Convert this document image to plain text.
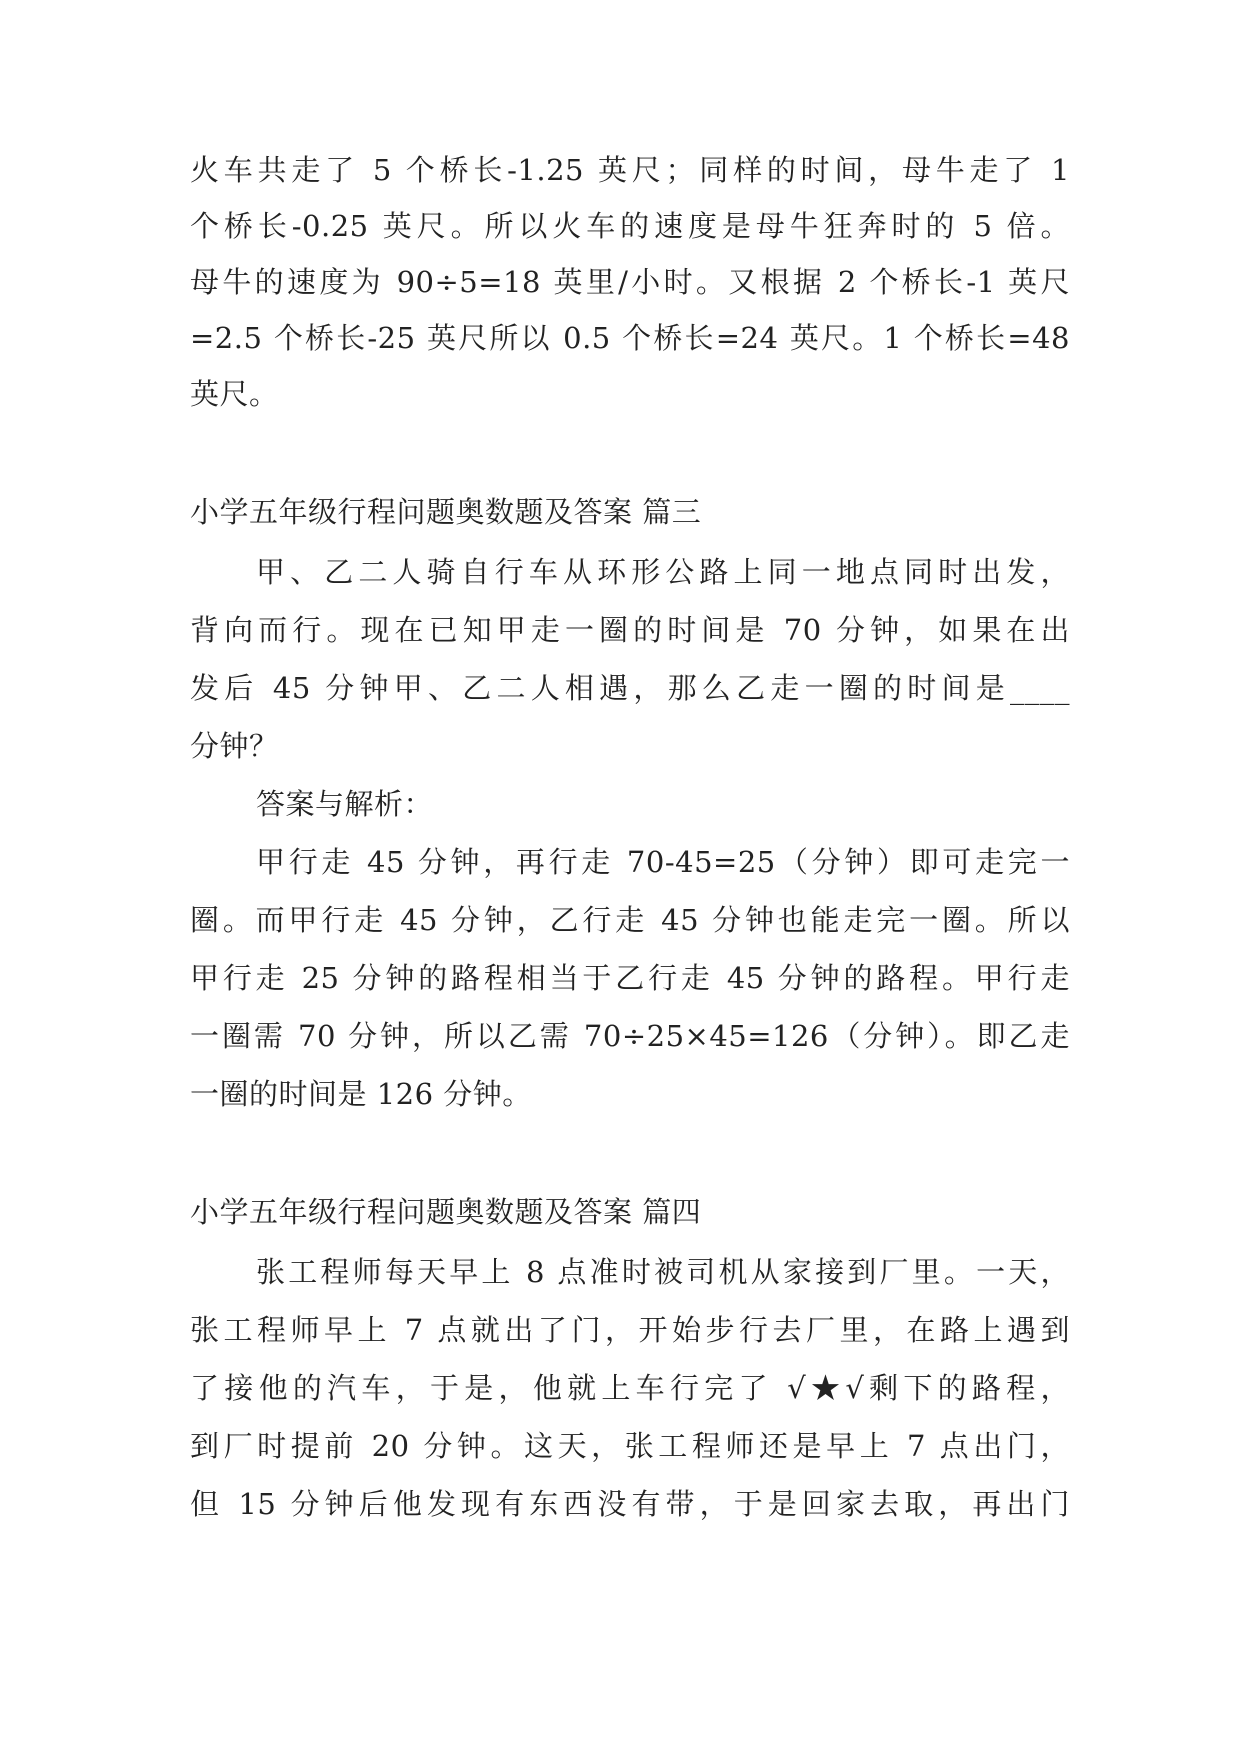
火车共走了 5 个桥长-1.25 英尺；同样的时间，母牛走了 1
个桥长-0.25 英尺。所以火车的速度是母牛狂奔时的 5 倍。
母牛的速度为 90÷5=18 英里/小时。又根据 2 个桥长-1 英尺
=2.5 个桥长-25 英尺所以 0.5 个桥长=24 英尺。1 个桥长=48
英尺。
小学五年级行程问题奥数题及答案 篇三
甲、乙二人骑自行车从环形公路上同一地点同时出发，
背向而行。现在已知甲走一圈的时间是 70 分钟，如果在出
发后 45 分钟甲、乙二人相遇，那么乙走一圈的时间是____
分钟？
答案与解析：
甲行走 45 分钟，再行走 70-45=25（分钟）即可走完一
圈。而甲行走 45 分钟，乙行走 45 分钟也能走完一圈。所以
甲行走 25 分钟的路程相当于乙行走 45 分钟的路程。甲行走
一圈需 70 分钟，所以乙需 70÷25×45=126（分钟）。即乙走
一圈的时间是 126 分钟。
小学五年级行程问题奥数题及答案 篇四
张工程师每天早上 8 点准时被司机从家接到厂里。一天，
张工程师早上 7 点就出了门，开始步行去厂里，在路上遇到
了接他的汽车，于是，他就上车行完了 √★√剩下的路程，
到厂时提前 20 分钟。这天，张工程师还是早上 7 点出门，
但 15 分钟后他发现有东西没有带，于是回家去取，再出门
